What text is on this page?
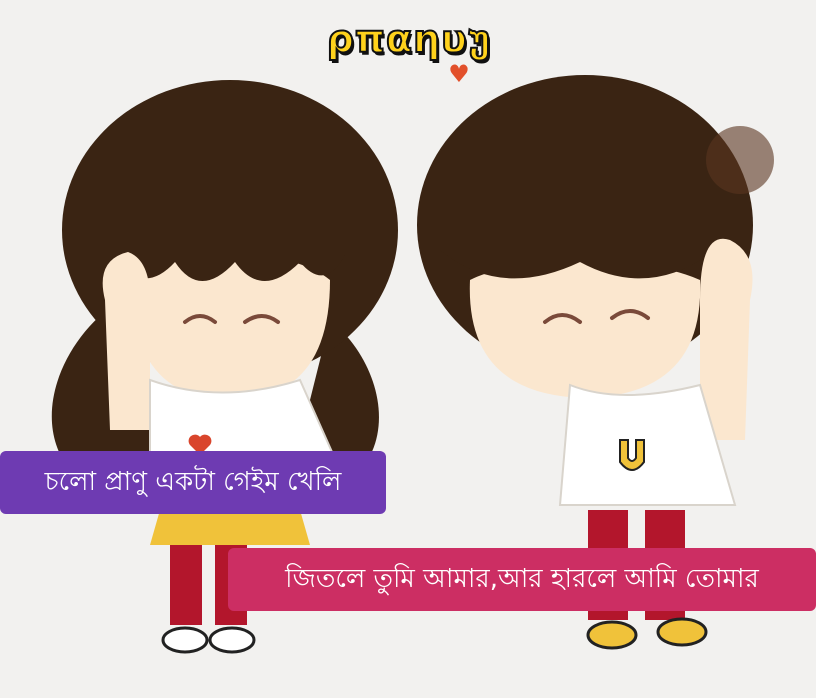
ρπαηυუ
♥
চলো প্রাণু একটা গেইম খেলি
জিতলে তুমি আমার,আর হারলে আমি তোমার
